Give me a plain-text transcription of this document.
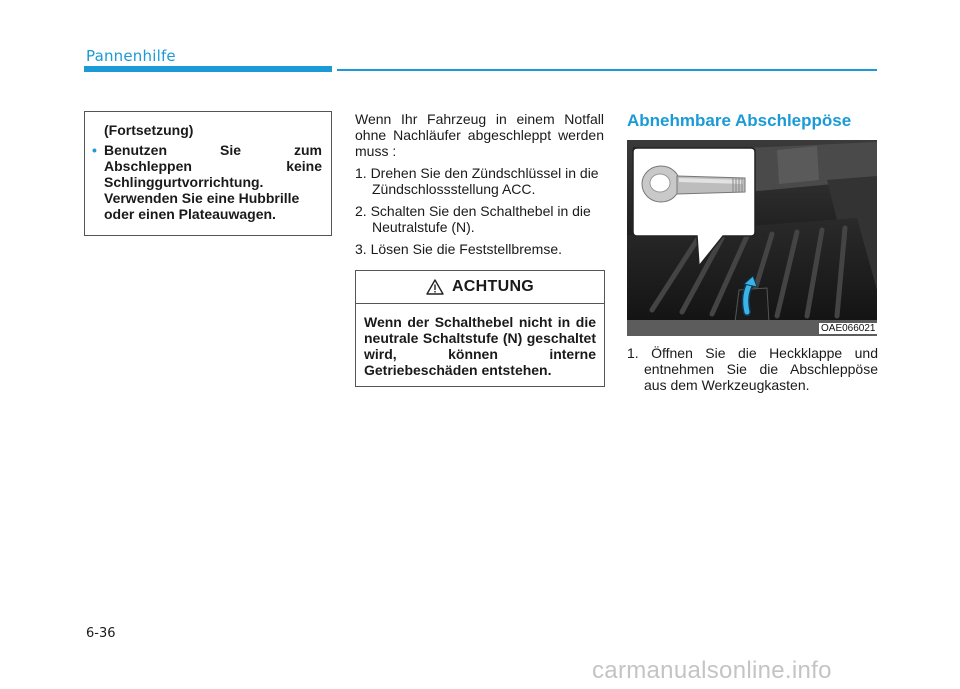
Pannenhilfe
(Fortsetzung)
• Benutzen Sie zum
Abschleppen keine
Schlinggurtvorrichtung.
Verwenden Sie eine Hubbrille
oder einen Plateauwagen.

Wenn Ihr Fahrzeug in einem Notfall ohne Nachläufer abgeschleppt werden muss :

1. Drehen Sie den Zündschlüssel in die Zündschlossstellung ACC.

2. Schalten Sie den Schalthebel in die Neutralstufe (N).

3. Lösen Sie die Feststellbremse.

ACHTUNG
Wenn der Schalthebel nicht in die neutrale Schaltstufe (N) geschaltet wird, können interne Getriebeschäden entstehen.
Abnehmbare Abschleppöse
OAE066021
1. Öffnen Sie die Heckklappe und entnehmen Sie die Abschleppöse aus dem Werkzeugkasten.
6-36
carmanualsonline.info
